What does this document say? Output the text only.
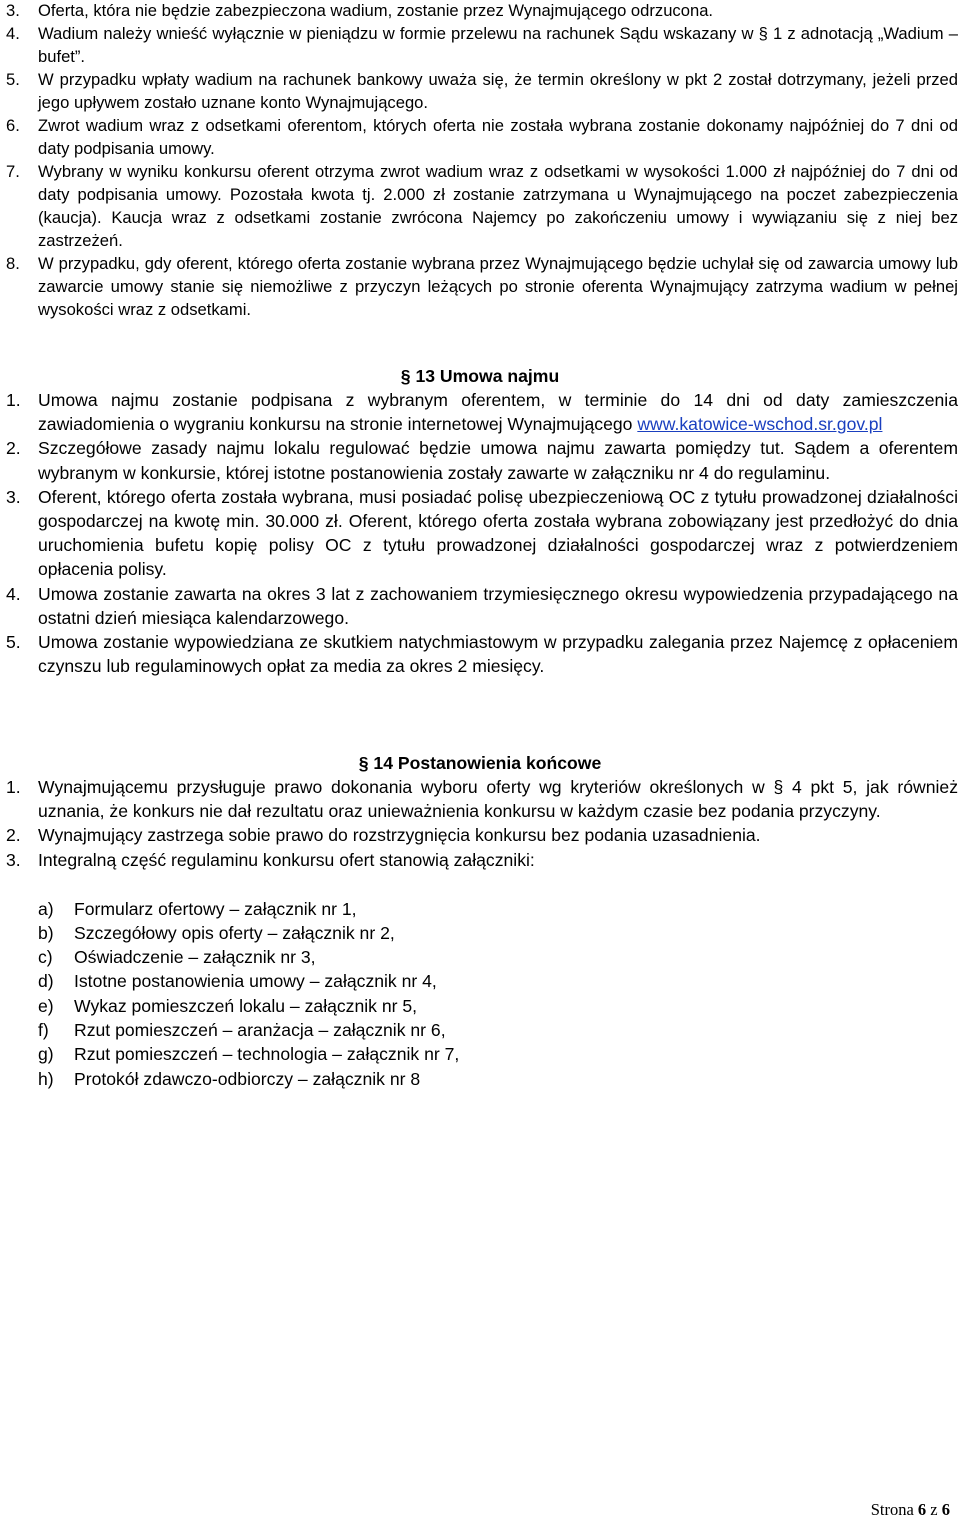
3. Oferta, która nie będzie zabezpieczona wadium, zostanie przez Wynajmującego odrzucona.
4. Wadium należy wnieść wyłącznie w pieniądzu w formie przelewu na rachunek Sądu wskazany w § 1 z adnotacją „Wadium – bufet”.
5. W przypadku wpłaty wadium na rachunek bankowy uważa się, że termin określony w pkt 2 został dotrzymany, jeżeli przed jego upływem zostało uznane konto Wynajmującego.
6. Zwrot wadium wraz z odsetkami oferentom, których oferta nie została wybrana zostanie dokonamy najpóźniej do 7 dni od daty podpisania umowy.
7. Wybrany w wyniku konkursu oferent otrzyma zwrot wadium wraz z odsetkami w wysokości 1.000 zł najpóźniej do 7 dni od daty podpisania umowy. Pozostała kwota tj. 2.000 zł zostanie zatrzymana u Wynajmującego na poczet zabezpieczenia (kaucja). Kaucja wraz z odsetkami zostanie zwrócona Najemcy po zakończeniu umowy i wywiązaniu się z niej bez zastrzeżeń.
8. W przypadku, gdy oferent, którego oferta zostanie wybrana przez Wynajmującego będzie uchylał się od zawarcia umowy lub zawarcie umowy stanie się niemożliwe z przyczyn leżących po stronie oferenta Wynajmujący zatrzyma wadium w pełnej wysokości wraz z odsetkami.
§ 13 Umowa najmu
1. Umowa najmu zostanie podpisana z wybranym oferentem, w terminie do 14 dni od daty zamieszczenia zawiadomienia o wygraniu konkursu na stronie internetowej Wynajmującego www.katowice-wschod.sr.gov.pl
2. Szczegółowe zasady najmu lokalu regulować będzie umowa najmu zawarta pomiędzy tut. Sądem a oferentem wybranym w konkursie, której istotne postanowienia zostały zawarte w załączniku nr 4 do regulaminu.
3. Oferent, którego oferta została wybrana, musi posiadać polisę ubezpieczeniową OC z tytułu prowadzonej działalności gospodarczej na kwotę min. 30.000 zł. Oferent, którego oferta została wybrana zobowiązany jest przedłożyć do dnia uruchomienia bufetu kopię polisy OC z tytułu prowadzonej działalności gospodarczej wraz z potwierdzeniem opłacenia polisy.
4. Umowa zostanie zawarta na okres 3 lat z zachowaniem trzymiesięcznego okresu wypowiedzenia przypadającego na ostatni dzień miesiąca kalendarzowego.
5. Umowa zostanie wypowiedziana ze skutkiem natychmiastowym w przypadku zalegania przez Najemcę z opłaceniem czynszu lub regulaminowych opłat za media za okres 2 miesięcy.
§ 14 Postanowienia końcowe
1. Wynajmującemu przysługuje prawo dokonania wyboru oferty wg kryteriów określonych w § 4 pkt 5, jak również uznania, że konkurs nie dał rezultatu oraz unieważnienia konkursu w każdym czasie bez podania przyczyny.
2. Wynajmujący zastrzega sobie prawo do rozstrzygnięcia konkursu bez podania uzasadnienia.
3. Integralną część regulaminu konkursu ofert stanowią załączniki:
a) Formularz ofertowy – załącznik nr 1,
b) Szczegółowy opis oferty – załącznik nr 2,
c) Oświadczenie – załącznik nr 3,
d) Istotne postanowienia umowy – załącznik nr 4,
e) Wykaz pomieszczeń lokalu – załącznik nr 5,
f) Rzut pomieszczeń – aranżacja – załącznik nr 6,
g) Rzut pomieszczeń – technologia – załącznik nr 7,
h) Protokół zdawczo-odbiorczy – załącznik nr 8
Strona 6 z 6
